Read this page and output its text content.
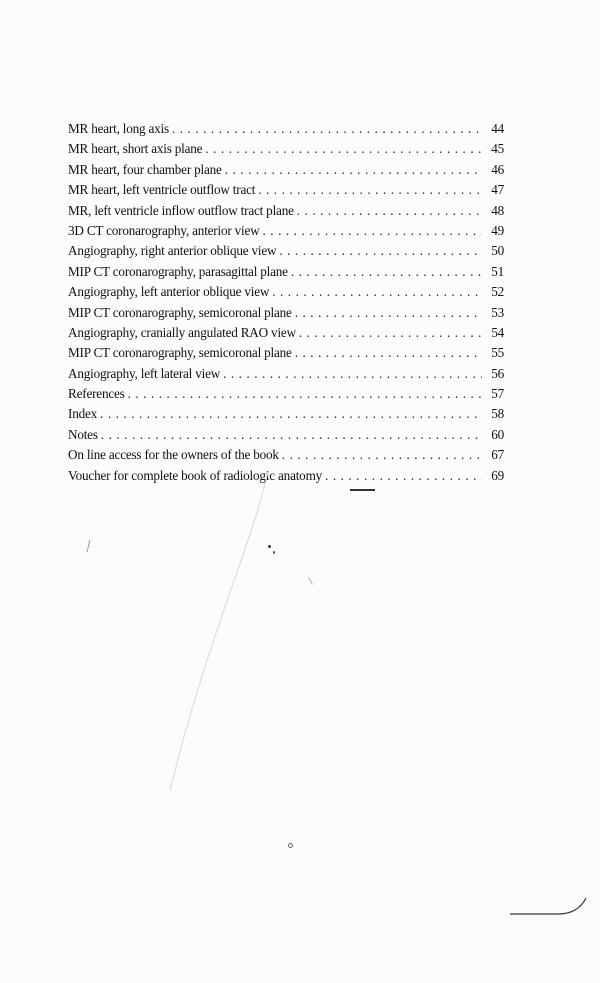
MR heart, long axis . . .	44
MR heart, short axis plane . . .	45
MR heart, four chamber plane . . .	46
MR heart, left ventricle outflow tract . . .	47
MR, left ventricle inflow outflow tract plane . . .	48
3D CT coronarography, anterior view . . .	49
Angiography, right anterior oblique view . . .	50
MIP CT coronarography, parasagittal plane . . .	51
Angiography, left anterior oblique view . . .	52
MIP CT coronarography, semicoronal plane . . .	53
Angiography, cranially angulated RAO view . . .	54
MIP CT coronarography, semicoronal plane . . .	55
Angiography, left lateral view . . .	56
References . . .	57
Index . . .	58
Notes . . .	60
On line access for the owners of the book . . .	67
Voucher for complete book of radiologic anatomy . . .	69
